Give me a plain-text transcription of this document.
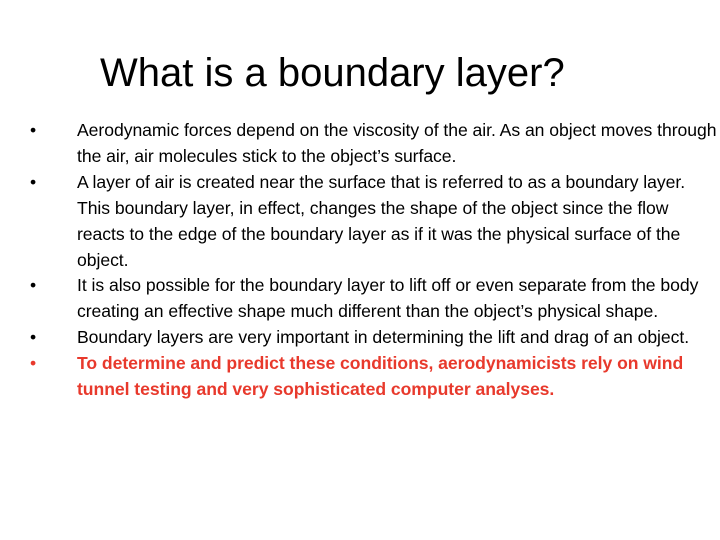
What is a boundary layer?
•	Aerodynamic forces depend on the viscosity of the air. As an object moves through the air, air molecules stick to the object’s surface.
•	A layer of air is created near the surface that is referred to as a boundary layer. This boundary layer, in effect, changes the shape of the object since the flow reacts to the edge of the boundary layer as if it was the physical surface of the object.
•	It is also possible for the boundary layer to lift off or even separate from the body creating an effective shape much different than the object’s physical shape.
•	Boundary layers are very important in determining the lift and drag of an object.
•	To determine and predict these conditions, aerodynamicists rely on wind tunnel testing and very sophisticated computer analyses.
